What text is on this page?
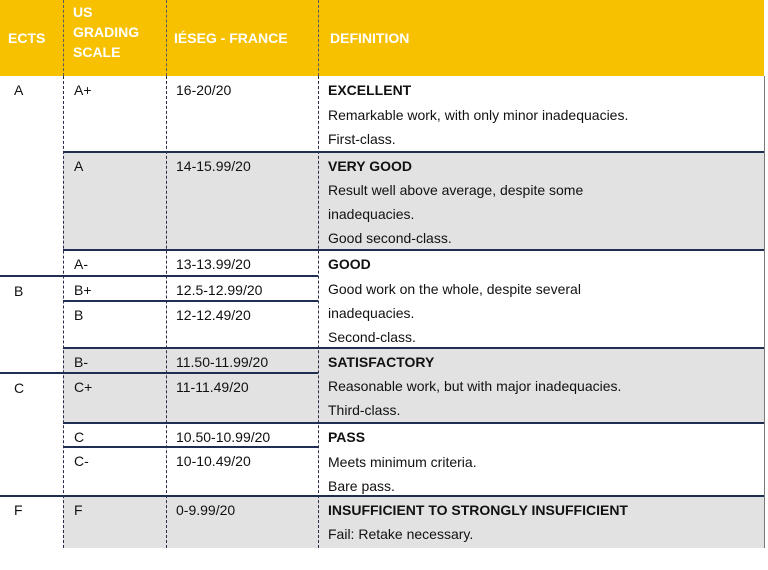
ECTS
US
GRADING
SCALE
IÉSEG - FRANCE	DEFINITION
A
B
C
F
A+
A
A-
B+
B
B-
C+
C
C-
F
16-20/20
14-15.99/20
13-13.99/20
12.5-12.99/20
12-12.49/20
11.50-11.99/20
11-11.49/20
10.50-10.99/20
10-10.49/20
0-9.99/20
EXCELLENT
Remarkable work, with only minor inadequacies.
First-class.
VERY GOOD
Result well above average, despite some
inadequacies.
Good second-class.
GOOD
Good work on the whole, despite several
inadequacies.
Second-class.
SATISFACTORY
Reasonable work, but with major inadequacies.
Third-class.
PASS
Meets minimum criteria.
Bare pass.
INSUFFICIENT TO STRONGLY INSUFFICIENT
Fail: Retake necessary.
